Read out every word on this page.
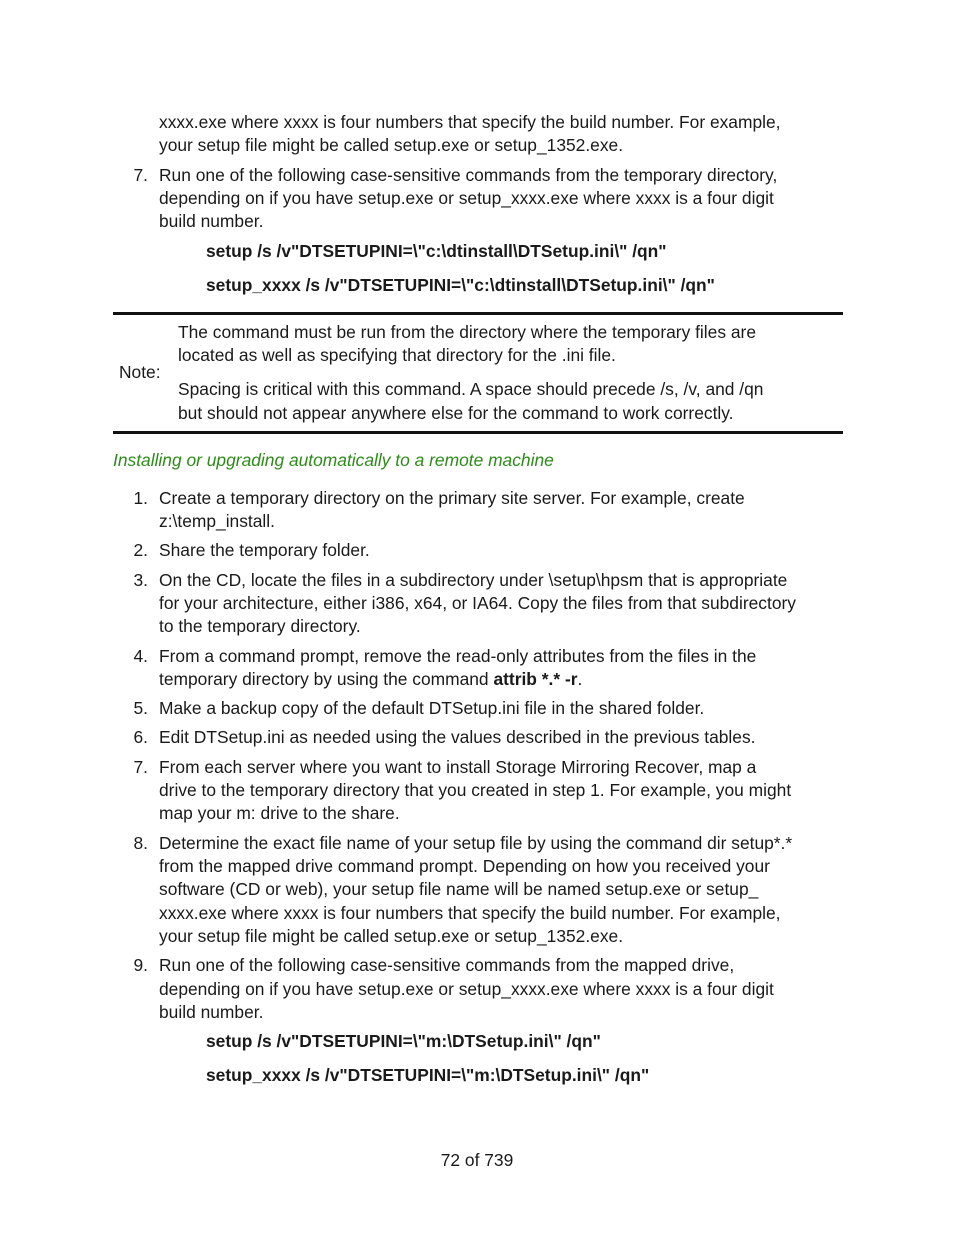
xxxx.exe where xxxx is four numbers that specify the build number. For example,
your setup file might be called setup.exe or setup_1352.exe.
7. Run one of the following case-sensitive commands from the temporary directory,
depending on if you have setup.exe or setup_xxxx.exe where xxxx is a four digit
build number.
setup /s /v"DTSETUPINI=\"c:\dtinstall\DTSetup.ini\" /qn"
setup_xxxx /s /v"DTSETUPINI=\"c:\dtinstall\DTSetup.ini\" /qn"
Note:
The command must be run from the directory where the temporary files are
located as well as specifying that directory for the .ini file.
Spacing is critical with this command. A space should precede /s, /v, and /qn
but should not appear anywhere else for the command to work correctly.
Installing or upgrading automatically to a remote machine
1. Create a temporary directory on the primary site server. For example, create
z:\temp_install.
2. Share the temporary folder.
3. On the CD, locate the files in a subdirectory under \setup\hpsm that is appropriate
for your architecture, either i386, x64, or IA64. Copy the files from that subdirectory
to the temporary directory.
4. From a command prompt, remove the read-only attributes from the files in the
temporary directory by using the command attrib *.* -r.
5. Make a backup copy of the default DTSetup.ini file in the shared folder.
6. Edit DTSetup.ini as needed using the values described in the previous tables.
7. From each server where you want to install Storage Mirroring Recover, map a
drive to the temporary directory that you created in step 1. For example, you might
map your m: drive to the share.
8. Determine the exact file name of your setup file by using the command dir setup*.*
from the mapped drive command prompt. Depending on how you received your
software (CD or web), your setup file name will be named setup.exe or setup_
xxxx.exe where xxxx is four numbers that specify the build number. For example,
your setup file might be called setup.exe or setup_1352.exe.
9. Run one of the following case-sensitive commands from the mapped drive,
depending on if you have setup.exe or setup_xxxx.exe where xxxx is a four digit
build number.
setup /s /v"DTSETUPINI=\"m:\DTSetup.ini\" /qn"
setup_xxxx /s /v"DTSETUPINI=\"m:\DTSetup.ini\" /qn"
72 of 739
